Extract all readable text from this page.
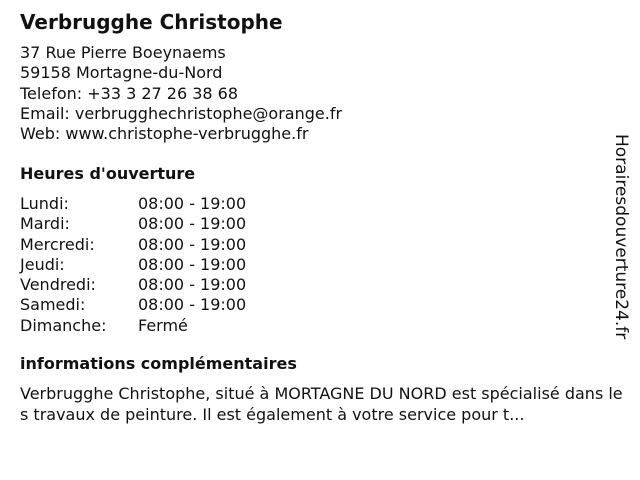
Verbrugghe Christophe
37 Rue Pierre Boeynaems
59158 Mortagne-du-Nord
Telefon: +33 3 27 26 38 68
Email: verbrugghechristophe@orange.fr
Web: www.christophe-verbrugghe.fr
Heures d'ouverture
Lundi:	08:00 - 19:00
Mardi:	08:00 - 19:00
Mercredi:	08:00 - 19:00
Jeudi:	08:00 - 19:00
Vendredi:	08:00 - 19:00
Samedi:	08:00 - 19:00
Dimanche: Fermé
informations complémentaires
Verbrugghe Christophe, situé à MORTAGNE DU NORD est spécialisé dans les travaux de peinture. Il est également à votre service pour t...
Horairesdouverture24.fr
